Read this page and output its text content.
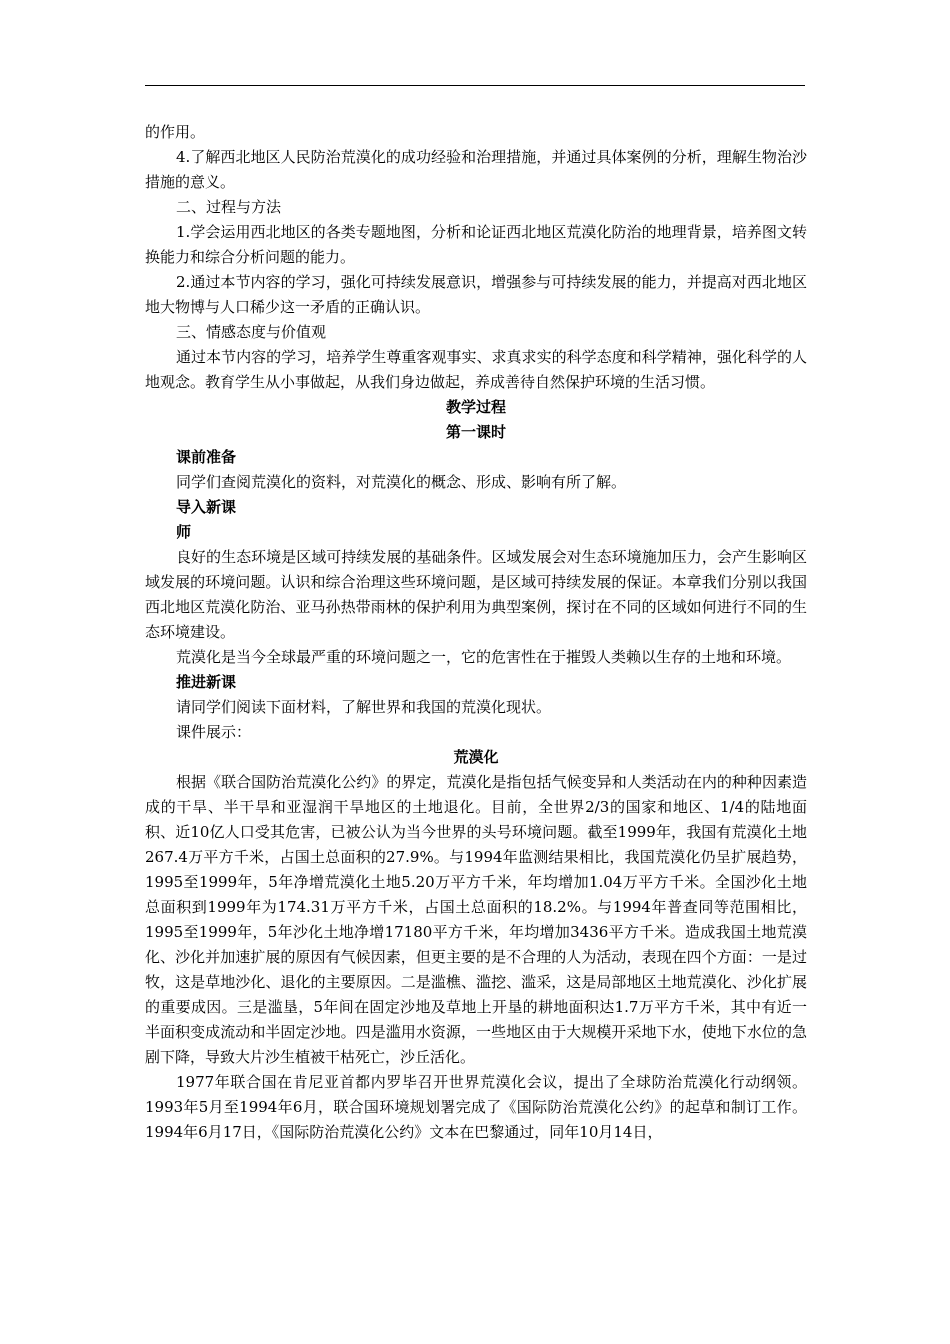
的作用。

4.了解西北地区人民防治荒漠化的成功经验和治理措施，并通过具体案例的分析，理解生物治沙措施的意义。

二、过程与方法

1.学会运用西北地区的各类专题地图，分析和论证西北地区荒漠化防治的地理背景，培养图文转换能力和综合分析问题的能力。

2.通过本节内容的学习，强化可持续发展意识，增强参与可持续发展的能力，并提高对西北地区地大物博与人口稀少这一矛盾的正确认识。

三、情感态度与价值观

通过本节内容的学习，培养学生尊重客观事实、求真求实的科学态度和科学精神，强化科学的人地观念。教育学生从小事做起，从我们身边做起，养成善待自然保护环境的生活习惯。

教学过程

第一课时

课前准备

同学们查阅荒漠化的资料，对荒漠化的概念、形成、影响有所了解。

导入新课

师

良好的生态环境是区域可持续发展的基础条件。区域发展会对生态环境施加压力，会产生影响区域发展的环境问题。认识和综合治理这些环境问题，是区域可持续发展的保证。本章我们分别以我国西北地区荒漠化防治、亚马孙热带雨林的保护利用为典型案例，探讨在不同的区域如何进行不同的生态环境建设。

荒漠化是当今全球最严重的环境问题之一，它的危害性在于摧毁人类赖以生存的土地和环境。

推进新课

请同学们阅读下面材料，了解世界和我国的荒漠化现状。

课件展示：

荒漠化

根据《联合国防治荒漠化公约》的界定，荒漠化是指包括气候变异和人类活动在内的种种因素造成的干旱、半干旱和亚湿润干旱地区的土地退化。目前，全世界2/3的国家和地区、1/4的陆地面积、近10亿人口受其危害，已被公认为当今世界的头号环境问题。截至1999年，我国有荒漠化土地267.4万平方千米，占国土总面积的27.9%。与1994年监测结果相比，我国荒漠化仍呈扩展趋势，1995至1999年，5年净增荒漠化土地5.20万平方千米，年均增加1.04万平方千米。全国沙化土地总面积到1999年为174.31万平方千米，占国土总面积的18.2%。与1994年普查同等范围相比，1995至1999年，5年沙化土地净增17180平方千米，年均增加3436平方千米。造成我国土地荒漠化、沙化并加速扩展的原因有气候因素，但更主要的是不合理的人为活动，表现在四个方面：一是过牧，这是草地沙化、退化的主要原因。二是滥樵、滥挖、滥采，这是局部地区土地荒漠化、沙化扩展的重要成因。三是滥垦，5年间在固定沙地及草地上开垦的耕地面积达1.7万平方千米，其中有近一半面积变成流动和半固定沙地。四是滥用水资源，一些地区由于大规模开采地下水，使地下水位的急剧下降，导致大片沙生植被干枯死亡，沙丘活化。

1977年联合国在肯尼亚首都内罗毕召开世界荒漠化会议，提出了全球防治荒漠化行动纲领。1993年5月至1994年6月，联合国环境规划署完成了《国际防治荒漠化公约》的起草和制订工作。1994年6月17日，《国际防治荒漠化公约》文本在巴黎通过，同年10月14日，
